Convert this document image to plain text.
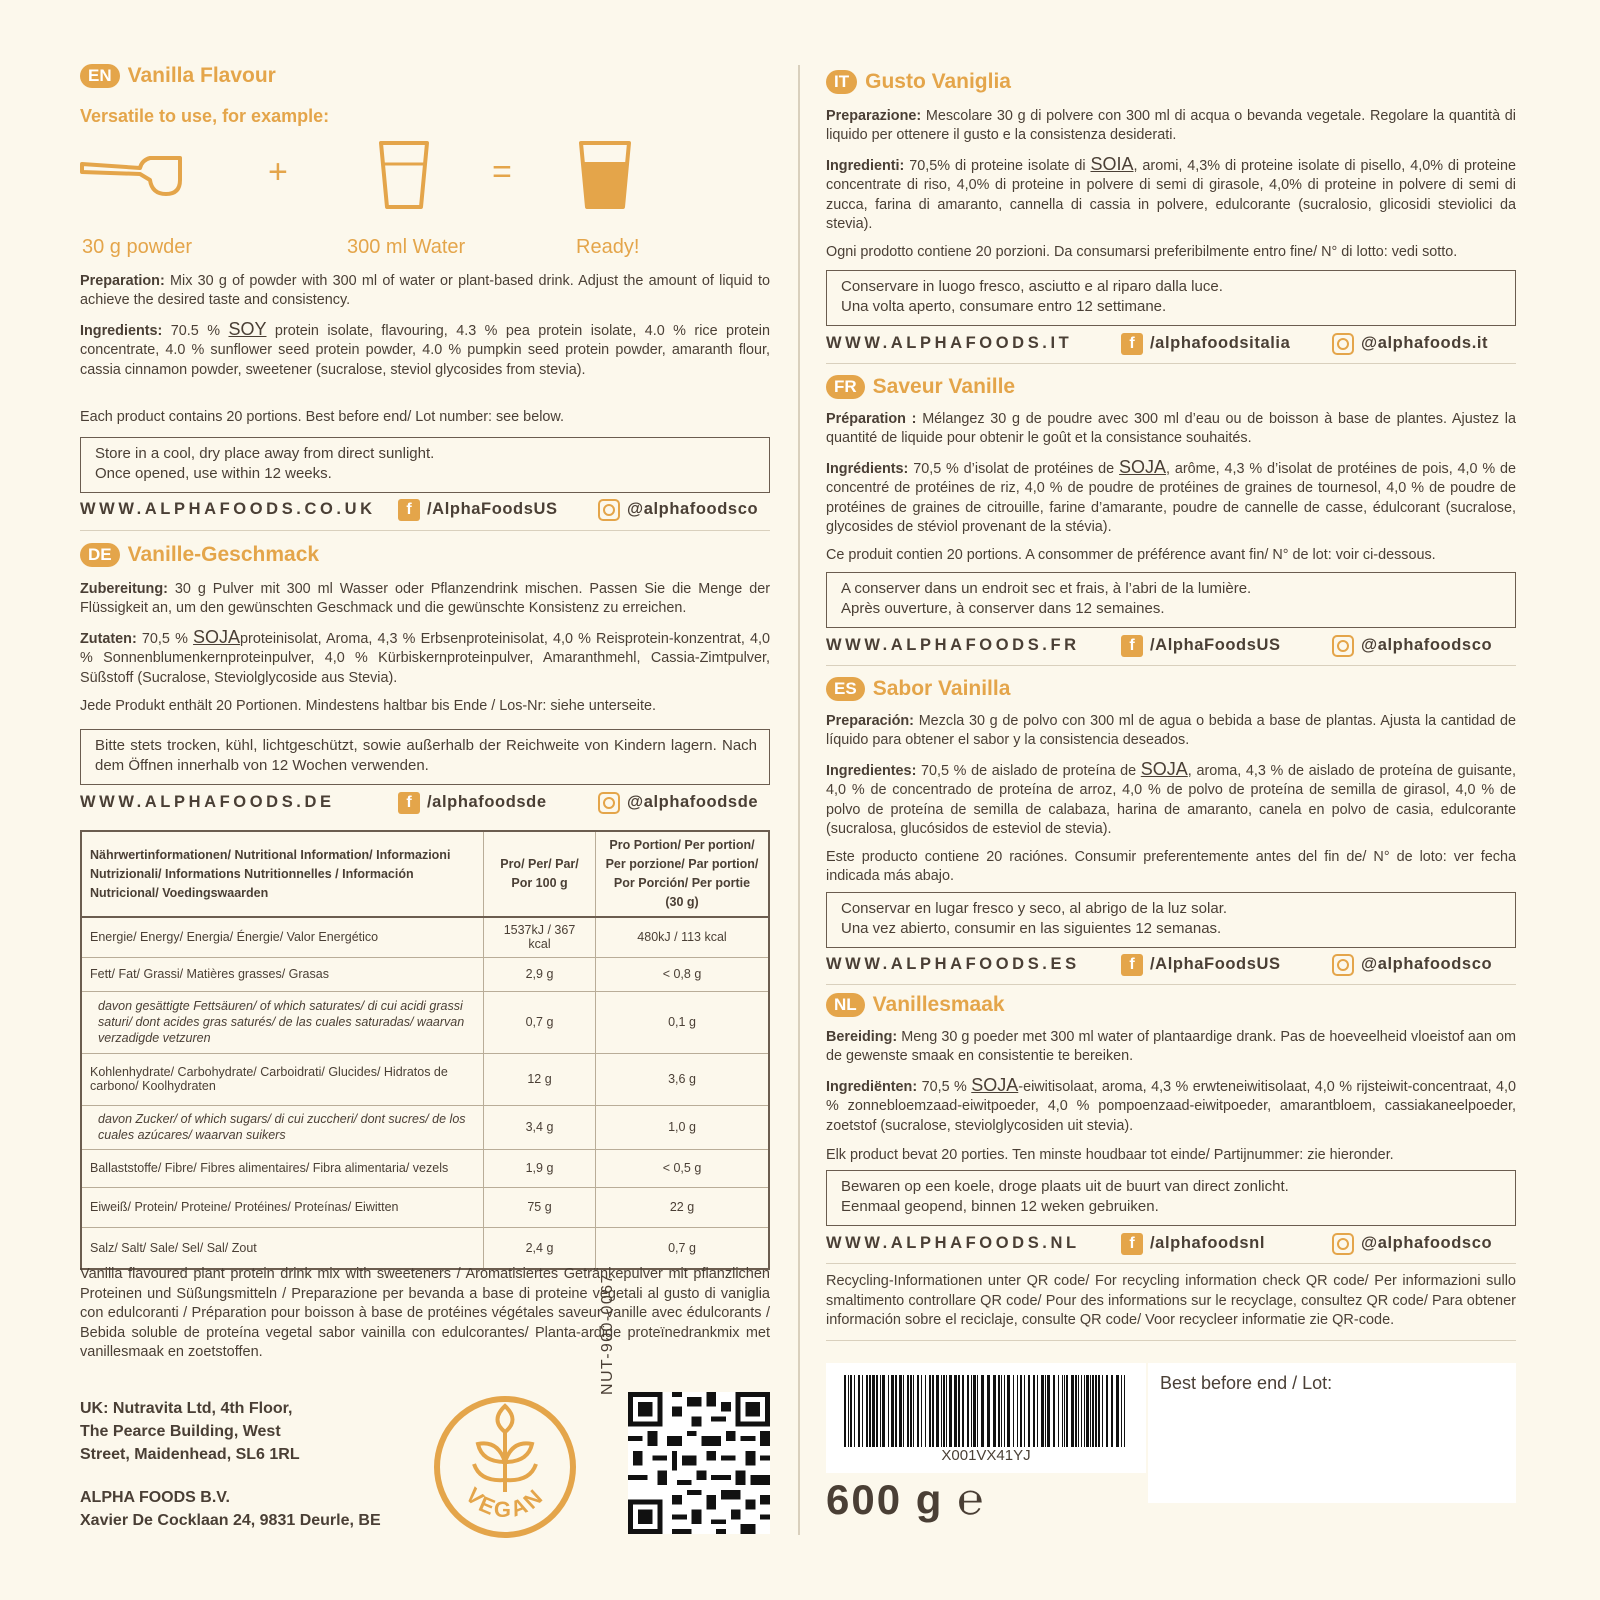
EN Vanilla Flavour
Versatile to use, for example:
+	=
30 g powder	300 ml Water	Ready!
Preparation: Mix 30 g of powder with 300 ml of water or plant-based drink. Adjust the amount of liquid to achieve the desired taste and consistency.
Ingredients: 70.5 % SOY protein isolate, flavouring, 4.3 % pea protein isolate, 4.0 % rice protein concentrate, 4.0 % sunflower seed protein powder, 4.0 % pumpkin seed protein powder, amaranth flour, cassia cinnamon powder, sweetener (sucralose, steviol glycosides from stevia).
Each product contains 20 portions. Best before end/ Lot number: see below.
Store in a cool, dry place away from direct sunlight.
Once opened, use within 12 weeks.
WWW.ALPHAFOODS.CO.UK	f /AlphaFoodsUS	@alphafoodsco
DE Vanille-Geschmack
Zubereitung: 30 g Pulver mit 300 ml Wasser oder Pflanzendrink mischen. Passen Sie die Menge der Flüssigkeit an, um den gewünschten Geschmack und die gewünschte Konsistenz zu erreichen.
Zutaten: 70,5 % SOJAproteinisolat, Aroma, 4,3 % Erbsenproteinisolat, 4,0 % Reisprotein-konzentrat, 4,0 % Sonnenblumenkernproteinpulver, 4,0 % Kürbiskernproteinpulver, Amaranthmehl, Cassia-Zimtpulver, Süßstoff (Sucralose, Steviolglycoside aus Stevia).
Jede Produkt enthält 20 Portionen. Mindestens haltbar bis Ende / Los-Nr: siehe unterseite.
Bitte stets trocken, kühl, lichtgeschützt, sowie außerhalb der Reichweite von Kindern lagern. Nach dem Öffnen innerhalb von 12 Wochen verwenden.
WWW.ALPHAFOODS.DE	f /alphafoodsde	@alphafoodsde
Nährwertinformationen/ Nutritional Information/ Informazioni Nutrizionali/ Informations Nutritionnelles / Información Nutricional/ Voedingswaarden	Pro/ Per/ Par/ Por 100 g	Pro Portion/ Per portion/ Per porzione/ Par portion/ Por Porción/ Per portie (30 g)
Energie/ Energy/ Energia/ Énergie/ Valor Energético	1537kJ / 367 kcal	480kJ / 113 kcal
Fett/ Fat/ Grassi/ Matières grasses/ Grasas	2,9 g	< 0,8 g
davon gesättigte Fettsäuren/ of which saturates/ di cui acidi grassi saturi/ dont acides gras saturés/ de las cuales saturadas/ waarvan verzadigde vetzuren	0,7 g	0,1 g
Kohlenhydrate/ Carbohydrate/ Carboidrati/ Glucides/ Hidratos de carbono/ Koolhydraten	12 g	3,6 g
davon Zucker/ of which sugars/ di cui zuccheri/ dont sucres/ de los cuales azúcares/ waarvan suikers	3,4 g	1,0 g
Ballaststoffe/ Fibre/ Fibres alimentaires/ Fibra alimentaria/ vezels	1,9 g	< 0,5 g
Eiweiß/ Protein/ Proteine/ Protéines/ Proteínas/ Eiwitten	75 g	22 g
Salz/ Salt/ Sale/ Sel/ Sal/ Zout	2,4 g	0,7 g
Vanilla flavoured plant protein drink mix with sweeteners / Aromatisiertes Getränkepulver mit pflanzlichen Proteinen und Süßungsmitteln / Preparazione per bevanda a base di proteine vegetali al gusto di vaniglia con edulcoranti / Préparation pour boisson à base de protéines végétales saveur vanille avec édulcorants / Bebida soluble de proteína vegetal sabor vainilla con edulcorantes/ Planta-ardige proteïnedrankmix met vanillesmaak en zoetstoffen.
UK: Nutravita Ltd, 4th Floor,
The Pearce Building, West
Street, Maidenhead, SL6 1RL
ALPHA FOODS B.V.
Xavier De Cocklaan 24, 9831 Deurle, BE
VEGAN
NUT-900-0067
IT Gusto Vaniglia
Preparazione: Mescolare 30 g di polvere con 300 ml di acqua o bevanda vegetale. Regolare la quantità di liquido per ottenere il gusto e la consistenza desiderati.
Ingredienti: 70,5% di proteine isolate di SOIA, aromi, 4,3% di proteine isolate di pisello, 4,0% di proteine concentrate di riso, 4,0% di proteine in polvere di semi di girasole, 4,0% di proteine in polvere di semi di zucca, farina di amaranto, cannella di cassia in polvere, edulcorante (sucralosio, glicosidi steviolici da stevia).
Ogni prodotto contiene 20 porzioni. Da consumarsi preferibilmente entro fine/ N° di lotto: vedi sotto.
Conservare in luogo fresco, asciutto e al riparo dalla luce.
Una volta aperto, consumare entro 12 settimane.
WWW.ALPHAFOODS.IT	f /alphafoodsitalia	@alphafoods.it
FR Saveur Vanille
Préparation : Mélangez 30 g de poudre avec 300 ml d’eau ou de boisson à base de plantes. Ajustez la quantité de liquide pour obtenir le goût et la consistance souhaités.
Ingrédients: 70,5 % d’isolat de protéines de SOJA, arôme, 4,3 % d’isolat de protéines de pois, 4,0 % de concentré de protéines de riz, 4,0 % de poudre de protéines de graines de tournesol, 4,0 % de poudre de protéines de graines de citrouille, farine d’amarante, poudre de cannelle de casse, édulcorant (sucralose, glycosides de stéviol provenant de la stévia).
Ce produit contien 20 portions. A consommer de préférence avant fin/ N° de lot: voir ci-dessous.
A conserver dans un endroit sec et frais, à l’abri de la lumière.
Après ouverture, à conserver dans 12 semaines.
WWW.ALPHAFOODS.FR	f /AlphaFoodsUS	@alphafoodsco
ES Sabor Vainilla
Preparación: Mezcla 30 g de polvo con 300 ml de agua o bebida a base de plantas. Ajusta la cantidad de líquido para obtener el sabor y la consistencia deseados.
Ingredientes: 70,5 % de aislado de proteína de SOJA, aroma, 4,3 % de aislado de proteína de guisante, 4,0 % de concentrado de proteína de arroz, 4,0 % de polvo de proteína de semilla de girasol, 4,0 % de polvo de proteína de semilla de calabaza, harina de amaranto, canela en polvo de casia, edulcorante (sucralosa, glucósidos de esteviol de stevia).
Este producto contiene 20 raciónes. Consumir preferentemente antes del fin de/ N° de loto: ver fecha indicada más abajo.
Conservar en lugar fresco y seco, al abrigo de la luz solar.
Una vez abierto, consumir en las siguientes 12 semanas.
WWW.ALPHAFOODS.ES	f /AlphaFoodsUS	@alphafoodsco
NL Vanillesmaak
Bereiding: Meng 30 g poeder met 300 ml water of plantaardige drank. Pas de hoeveelheid vloeistof aan om de gewenste smaak en consistentie te bereiken.
Ingrediënten: 70,5 % SOJA-eiwitisolaat, aroma, 4,3 % erwteneiwitisolaat, 4,0 % rijsteiwit-concentraat, 4,0 % zonnebloemzaad-eiwitpoeder, 4,0 % pompoenzaad-eiwitpoeder, amarantbloem, cassiakaneelpoeder, zoetstof (sucralose, steviolglycosiden uit stevia).
Elk product bevat 20 porties. Ten minste houdbaar tot einde/ Partijnummer: zie hieronder.
Bewaren op een koele, droge plaats uit de buurt van direct zonlicht.
Eenmaal geopend, binnen 12 weken gebruiken.
WWW.ALPHAFOODS.NL	f /alphafoodsnl	@alphafoodsco
Recycling-Informationen unter QR code/ For recycling information check QR code/ Per informazioni sullo smaltimento controllare QR code/ Pour des informations sur le recyclage, consultez QR code/ Para obtener información sobre el reciclaje, consulte QR code/ Voor recycleer informatie zie QR-code.
X001VX41YJ
Best before end / Lot:
600 g ℮
